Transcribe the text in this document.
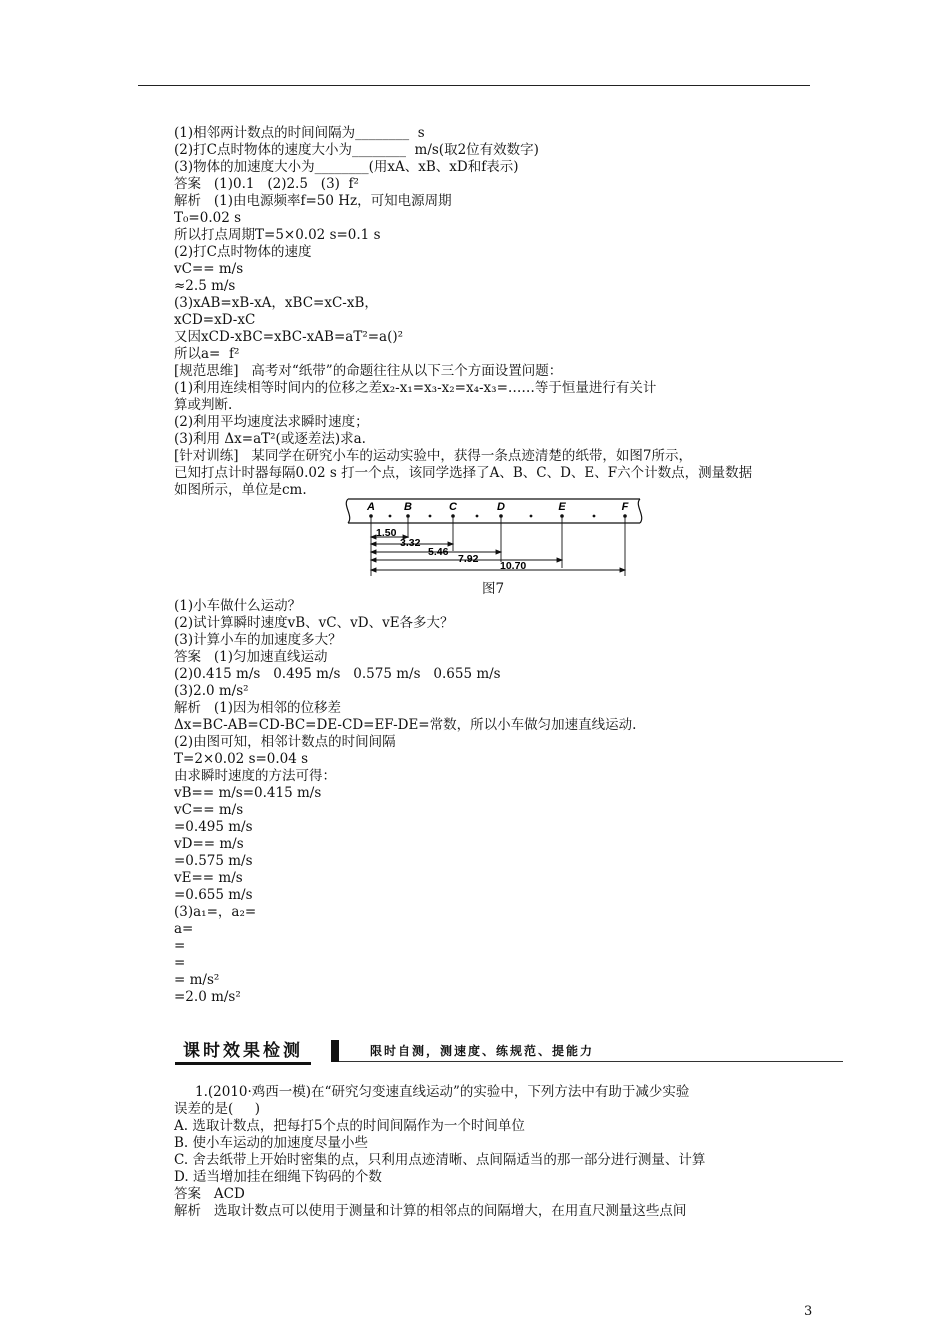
(1)相邻两计数点的时间间隔为________  s
(2)打C点时物体的速度大小为________  m/s(取2位有效数字)
(3)物体的加速度大小为________(用xA、xB、xD和f表示)
答案   (1)0.1   (2)2.5   (3)  f²
解析   (1)由电源频率f=50 Hz，可知电源周期
T₀=0.02 s
所以打点周期T=5×0.02 s=0.1 s
(2)打C点时物体的速度
vC== m/s
≈2.5 m/s
(3)xAB=xB-xA，xBC=xC-xB，
xCD=xD-xC
又因xCD-xBC=xBC-xAB=aT²=a()²
所以a=  f²
[规范思维]   高考对“纸带”的命题往往从以下三个方面设置问题：
(1)利用连续相等时间内的位移之差x₂-x₁=x₃-x₂=x₄-x₃=……等于恒量进行有关计
算或判断.
(2)利用平均速度法求瞬时速度；
(3)利用 Δx=aT²(或逐差法)求a.
[针对训练]   某同学在研究小车的运动实验中，获得一条点迹清楚的纸带，如图7所示，
已知打点计时器每隔0.02 s 打一个点，该同学选择了A、B、C、D、E、F六个计数点，测量数据
如图所示，单位是cm.
A	B	C	D	E	F
1.50
3.32
5.46
7.92
10.70
图7
(1)小车做什么运动？
(2)试计算瞬时速度vB、vC、vD、vE各多大？
(3)计算小车的加速度多大？
答案   (1)匀加速直线运动
(2)0.415 m/s   0.495 m/s   0.575 m/s   0.655 m/s
(3)2.0 m/s²
解析   (1)因为相邻的位移差
Δx=BC-AB=CD-BC=DE-CD=EF-DE=常数，所以小车做匀加速直线运动.
(2)由图可知，相邻计数点的时间间隔
T=2×0.02 s=0.04 s
由求瞬时速度的方法可得：
vB== m/s=0.415 m/s
vC== m/s
=0.495 m/s
vD== m/s
=0.575 m/s
vE== m/s
=0.655 m/s
(3)a₁=，a₂=
a=
=
=
= m/s²
=2.0 m/s²
课时效果检测	限时自测，测速度、练规范、提能力
1.(2010·鸡西一模)在“研究匀变速直线运动”的实验中，下列方法中有助于减少实验
误差的是(     )
A. 选取计数点，把每打5个点的时间间隔作为一个时间单位
B. 使小车运动的加速度尽量小些
C. 舍去纸带上开始时密集的点，只利用点迹清晰、点间隔适当的那一部分进行测量、计算
D. 适当增加挂在细绳下钩码的个数
答案   ACD
解析   选取计数点可以使用于测量和计算的相邻点的间隔增大，在用直尺测量这些点间
3
